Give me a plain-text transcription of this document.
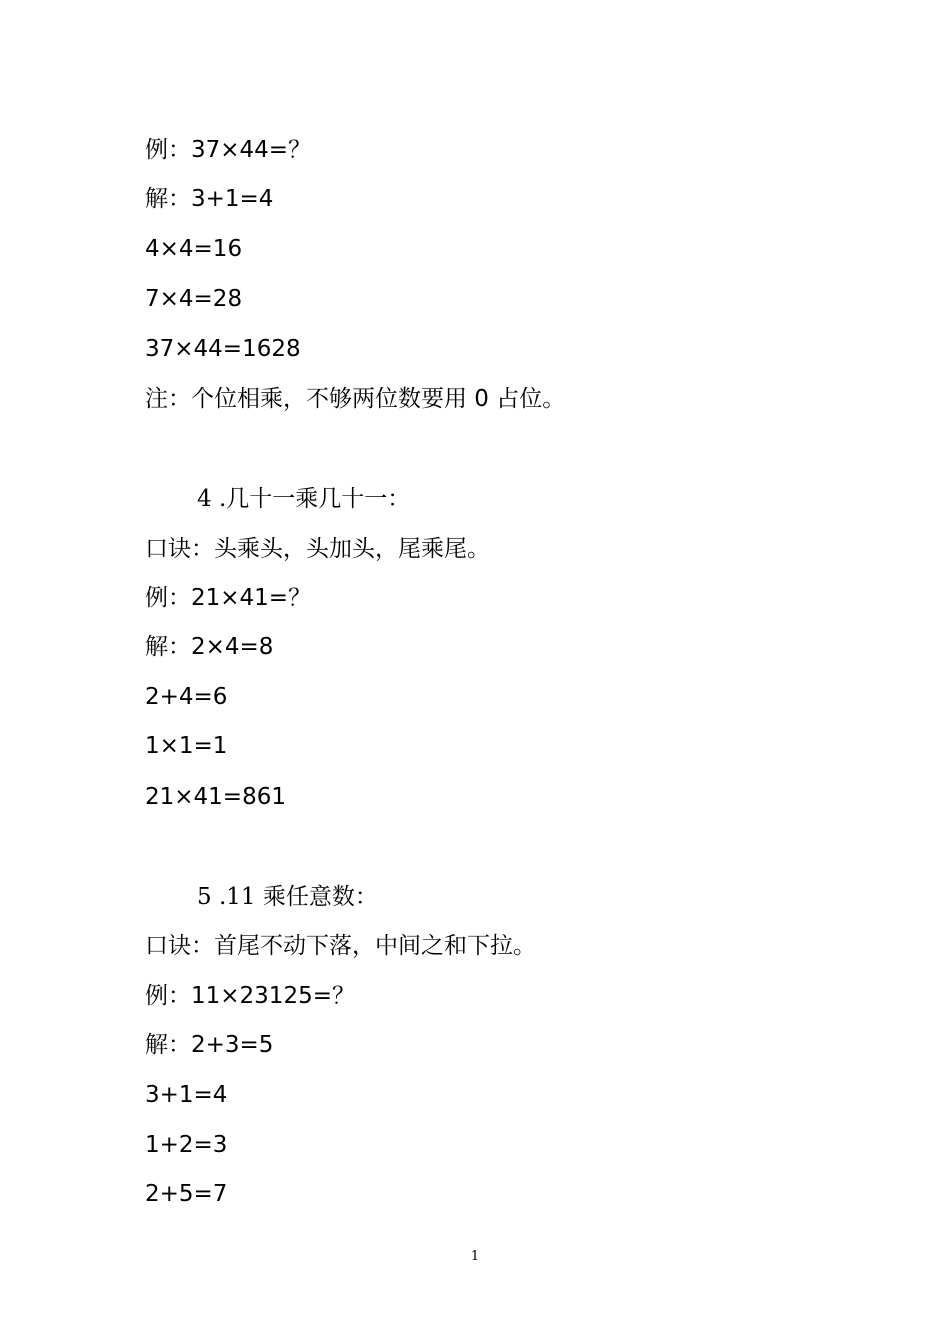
例：37×44=？
解：3+1=4
4×4=16
7×4=28
37×44=1628
注：个位相乘，不够两位数要用 0 占位。
4 .几十一乘几十一：
口诀：头乘头，头加头，尾乘尾。
例：21×41=？
解：2×4=8
2+4=6
1×1=1
21×41=861
5 .11 乘任意数：
口诀：首尾不动下落，中间之和下拉。
例：11×23125=？
解：2+3=5
3+1=4
1+2=3
2+5=7
1
